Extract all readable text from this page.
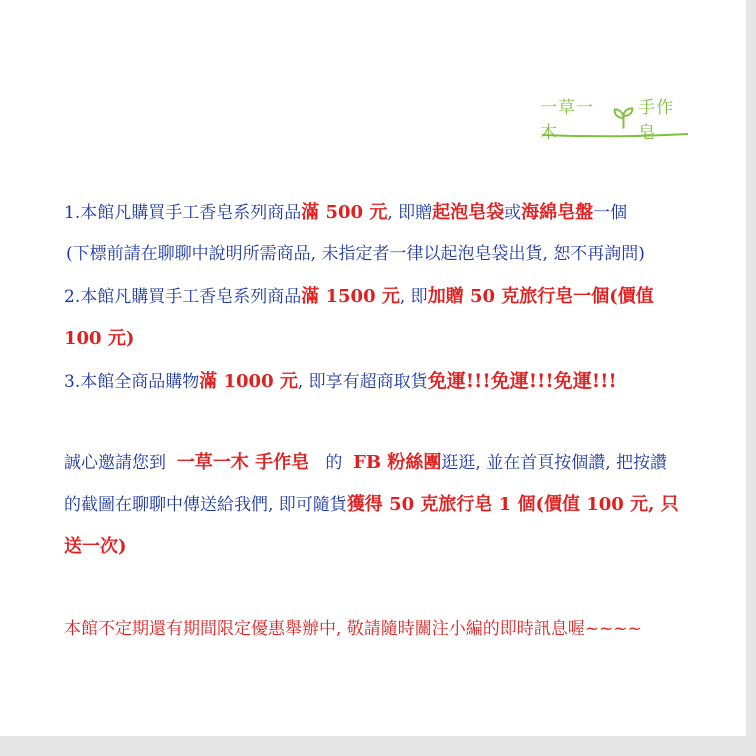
一草一木
手作皂
1.本館凡購買手工香皂系列商品滿 500 元, 即贈起泡皂袋或海綿皂盤一個
(下標前請在聊聊中說明所需商品, 未指定者一律以起泡皂袋出貨, 恕不再詢問)
2.本館凡購買手工香皂系列商品滿 1500 元, 即加贈 50 克旅行皂一個(價值
100 元)
3.本館全商品購物滿 1000 元, 即享有超商取貨免運!!!免運!!!免運!!!
誠心邀請您到 一草一木 手作皂 的 FB 粉絲團逛逛, 並在首頁按個讚, 把按讚
的截圖在聊聊中傳送給我們, 即可隨貨獲得 50 克旅行皂 1 個(價值 100 元, 只
送一次)
本館不定期還有期間限定優惠舉辦中, 敬請隨時關注小編的即時訊息喔~~~~
